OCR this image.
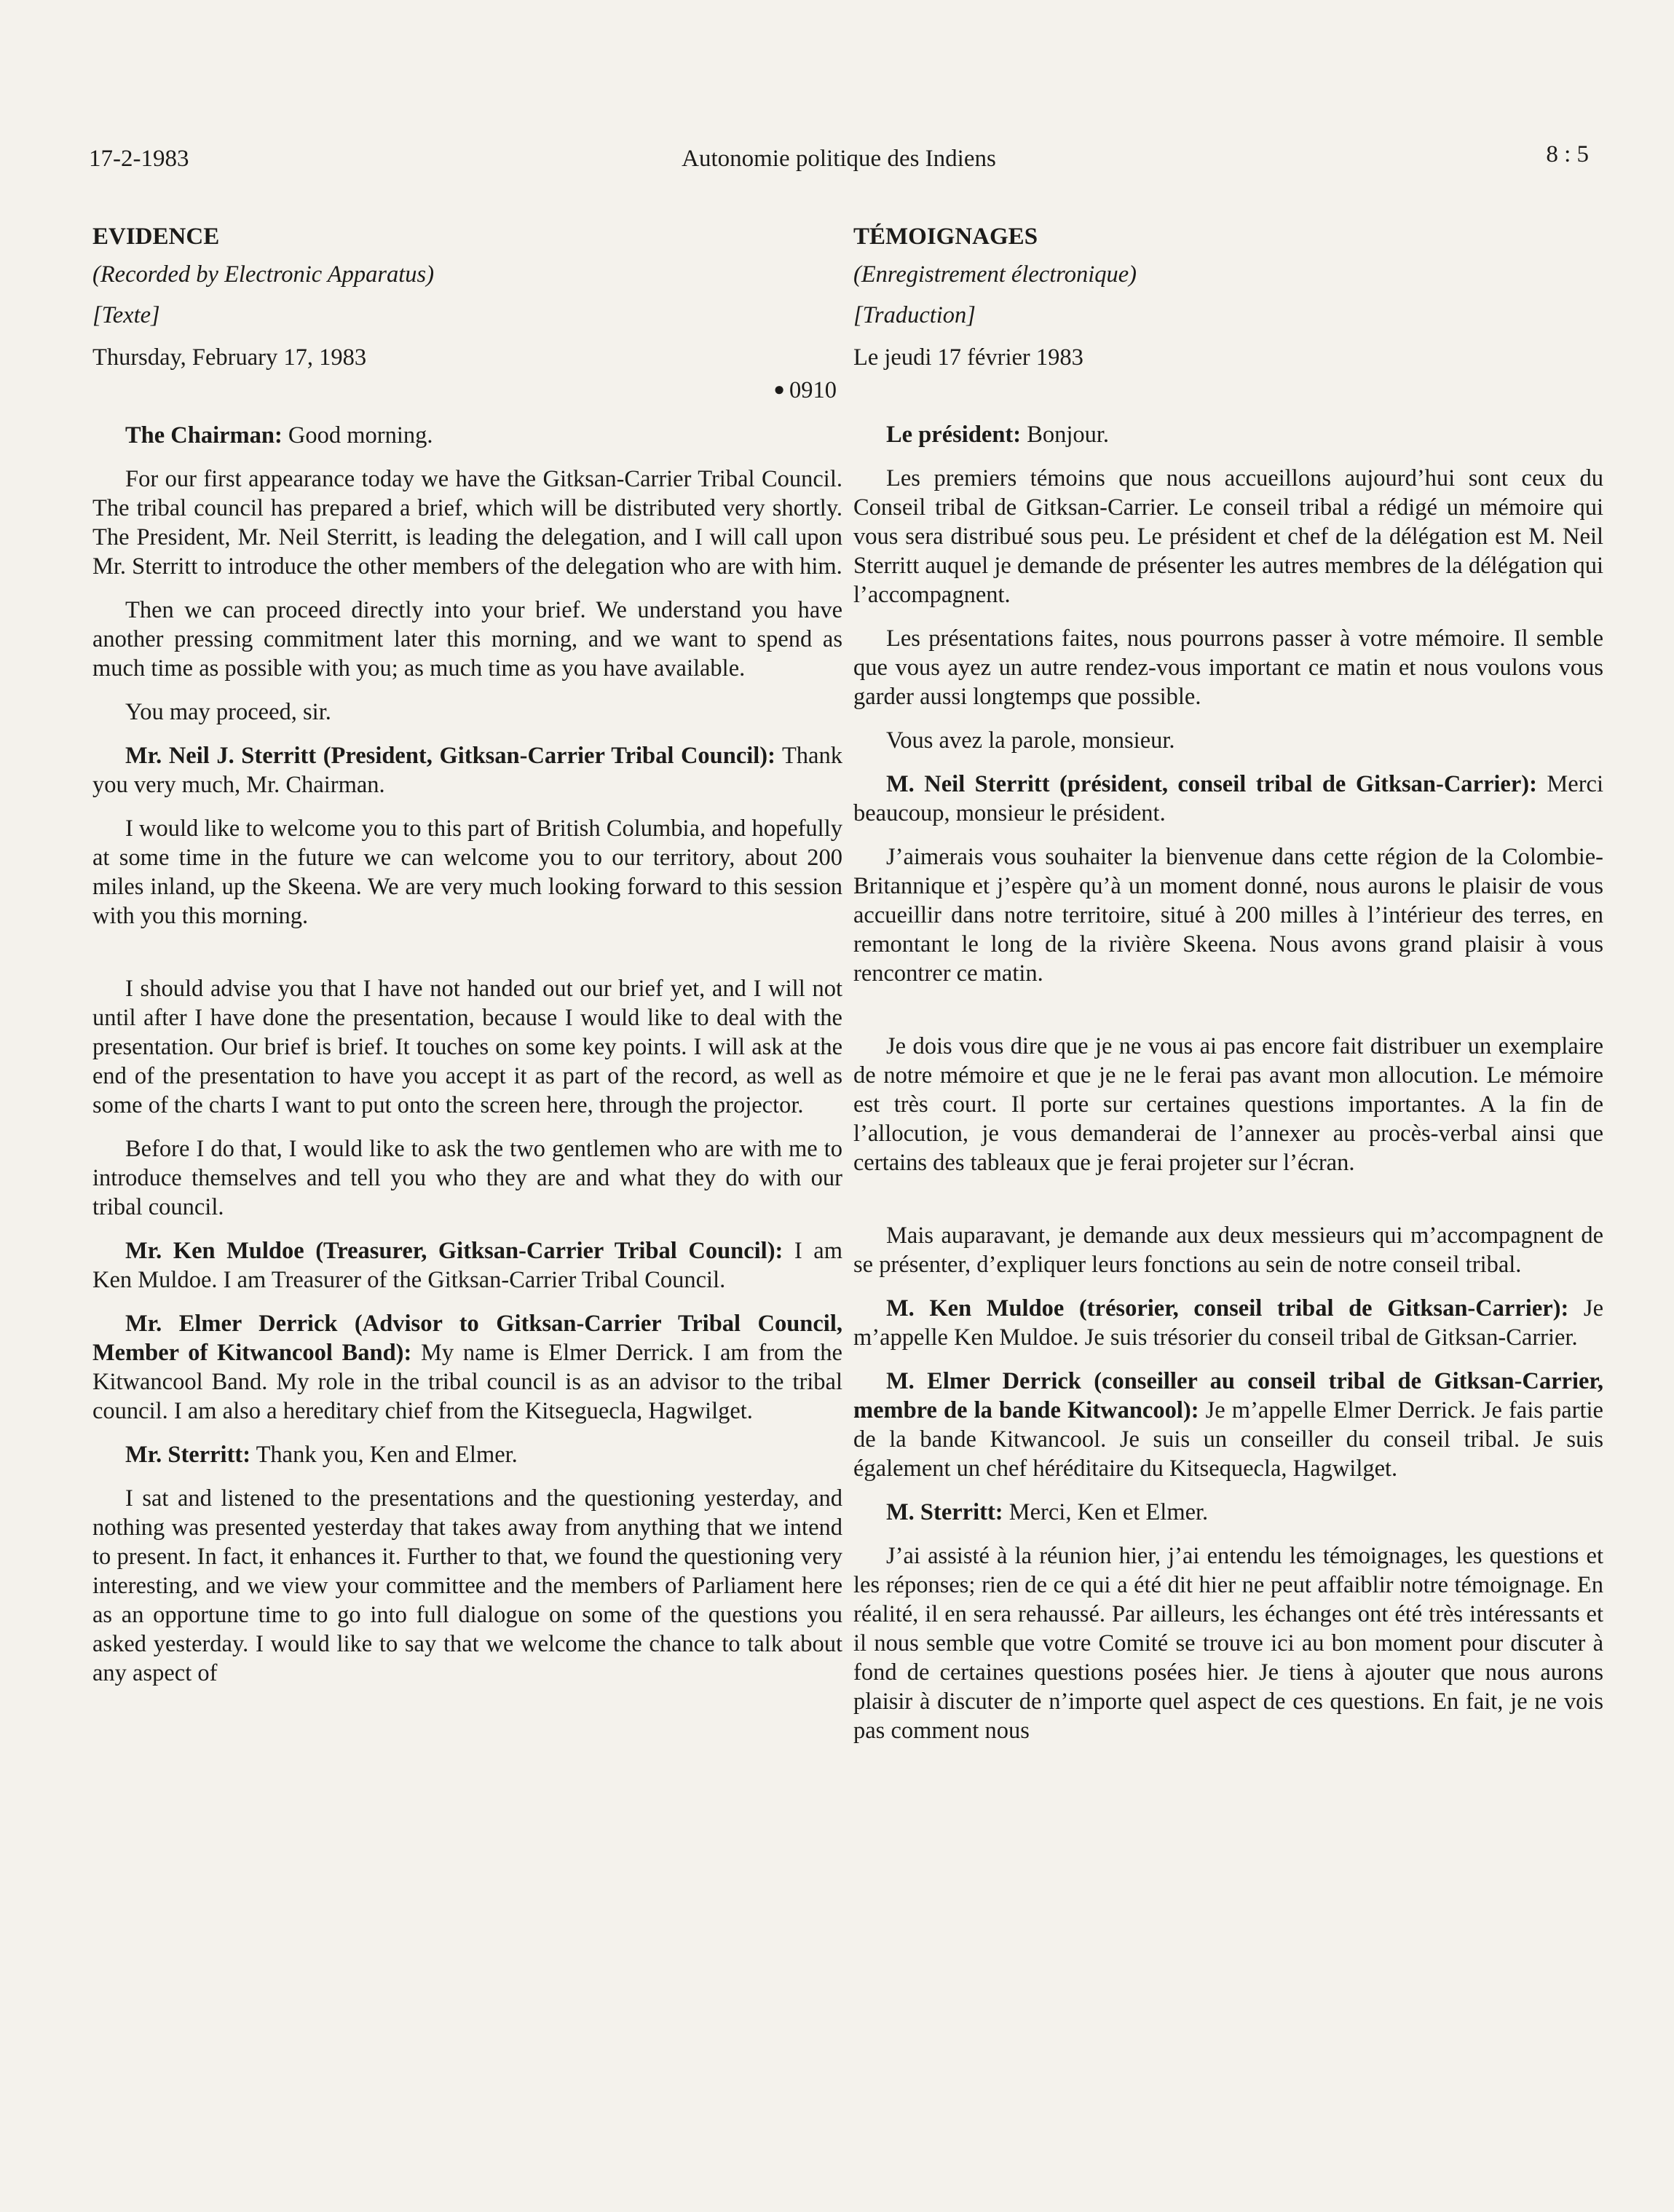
17-2-1983	Autonomie politique des Indiens	8 : 5
EVIDENCE
(Recorded by Electronic Apparatus)
[Texte]
Thursday, February 17, 1983
● 0910

The Chairman: Good morning.

For our first appearance today we have the Gitksan-Carrier Tribal Council. The tribal council has prepared a brief, which will be distributed very shortly. The President, Mr. Neil Sterritt, is leading the delegation, and I will call upon Mr. Sterritt to introduce the other members of the delegation who are with him.

Then we can proceed directly into your brief. We understand you have another pressing commitment later this morning, and we want to spend as much time as possible with you; as much time as you have available.

You may proceed, sir.

Mr. Neil J. Sterritt (President, Gitksan-Carrier Tribal Council): Thank you very much, Mr. Chairman.

I would like to welcome you to this part of British Columbia, and hopefully at some time in the future we can welcome you to our territory, about 200 miles inland, up the Skeena. We are very much looking forward to this session with you this morning.

I should advise you that I have not handed out our brief yet, and I will not until after I have done the presentation, because I would like to deal with the presentation. Our brief is brief. It touches on some key points. I will ask at the end of the presentation to have you accept it as part of the record, as well as some of the charts I want to put onto the screen here, through the projector.

Before I do that, I would like to ask the two gentlemen who are with me to introduce themselves and tell you who they are and what they do with our tribal council.

Mr. Ken Muldoe (Treasurer, Gitksan-Carrier Tribal Council): I am Ken Muldoe. I am Treasurer of the Gitksan-Carrier Tribal Council.

Mr. Elmer Derrick (Advisor to Gitksan-Carrier Tribal Council, Member of Kitwancool Band): My name is Elmer Derrick. I am from the Kitwancool Band. My role in the tribal council is as an advisor to the tribal council. I am also a hereditary chief from the Kitseguecla, Hagwilget.

Mr. Sterritt: Thank you, Ken and Elmer.

I sat and listened to the presentations and the questioning yesterday, and nothing was presented yesterday that takes away from anything that we intend to present. In fact, it enhances it. Further to that, we found the questioning very interesting, and we view your committee and the members of Parliament here as an opportune time to go into full dialogue on some of the questions you asked yesterday. I would like to say that we welcome the chance to talk about any aspect of

TÉMOIGNAGES
(Enregistrement électronique)
[Traduction]
Le jeudi 17 février 1983

Le président: Bonjour.

Les premiers témoins que nous accueillons aujourd’hui sont ceux du Conseil tribal de Gitksan-Carrier. Le conseil tribal a rédigé un mémoire qui vous sera distribué sous peu. Le président et chef de la délégation est M. Neil Sterritt auquel je demande de présenter les autres membres de la délégation qui l’accompagnent.

Les présentations faites, nous pourrons passer à votre mémoire. Il semble que vous ayez un autre rendez-vous important ce matin et nous voulons vous garder aussi longtemps que possible.

Vous avez la parole, monsieur.

M. Neil Sterritt (président, conseil tribal de Gitksan-Carrier): Merci beaucoup, monsieur le président.

J’aimerais vous souhaiter la bienvenue dans cette région de la Colombie-Britannique et j’espère qu’à un moment donné, nous aurons le plaisir de vous accueillir dans notre territoire, situé à 200 milles à l’intérieur des terres, en remontant le long de la rivière Skeena. Nous avons grand plaisir à vous rencontrer ce matin.

Je dois vous dire que je ne vous ai pas encore fait distribuer un exemplaire de notre mémoire et que je ne le ferai pas avant mon allocution. Le mémoire est très court. Il porte sur certaines questions importantes. A la fin de l’allocution, je vous demanderai de l’annexer au procès-verbal ainsi que certains des tableaux que je ferai projeter sur l’écran.

Mais auparavant, je demande aux deux messieurs qui m’accompagnent de se présenter, d’expliquer leurs fonctions au sein de notre conseil tribal.

M. Ken Muldoe (trésorier, conseil tribal de Gitksan-Carrier): Je m’appelle Ken Muldoe. Je suis trésorier du conseil tribal de Gitksan-Carrier.

M. Elmer Derrick (conseiller au conseil tribal de Gitksan-Carrier, membre de la bande Kitwancool): Je m’appelle Elmer Derrick. Je fais partie de la bande Kitwancool. Je suis un conseiller du conseil tribal. Je suis également un chef héréditaire du Kitsequecla, Hagwilget.

M. Sterritt: Merci, Ken et Elmer.

J’ai assisté à la réunion hier, j’ai entendu les témoignages, les questions et les réponses; rien de ce qui a été dit hier ne peut affaiblir notre témoignage. En réalité, il en sera rehaussé. Par ailleurs, les échanges ont été très intéressants et il nous semble que votre Comité se trouve ici au bon moment pour discuter à fond de certaines questions posées hier. Je tiens à ajouter que nous aurons plaisir à discuter de n’importe quel aspect de ces questions. En fait, je ne vois pas comment nous
